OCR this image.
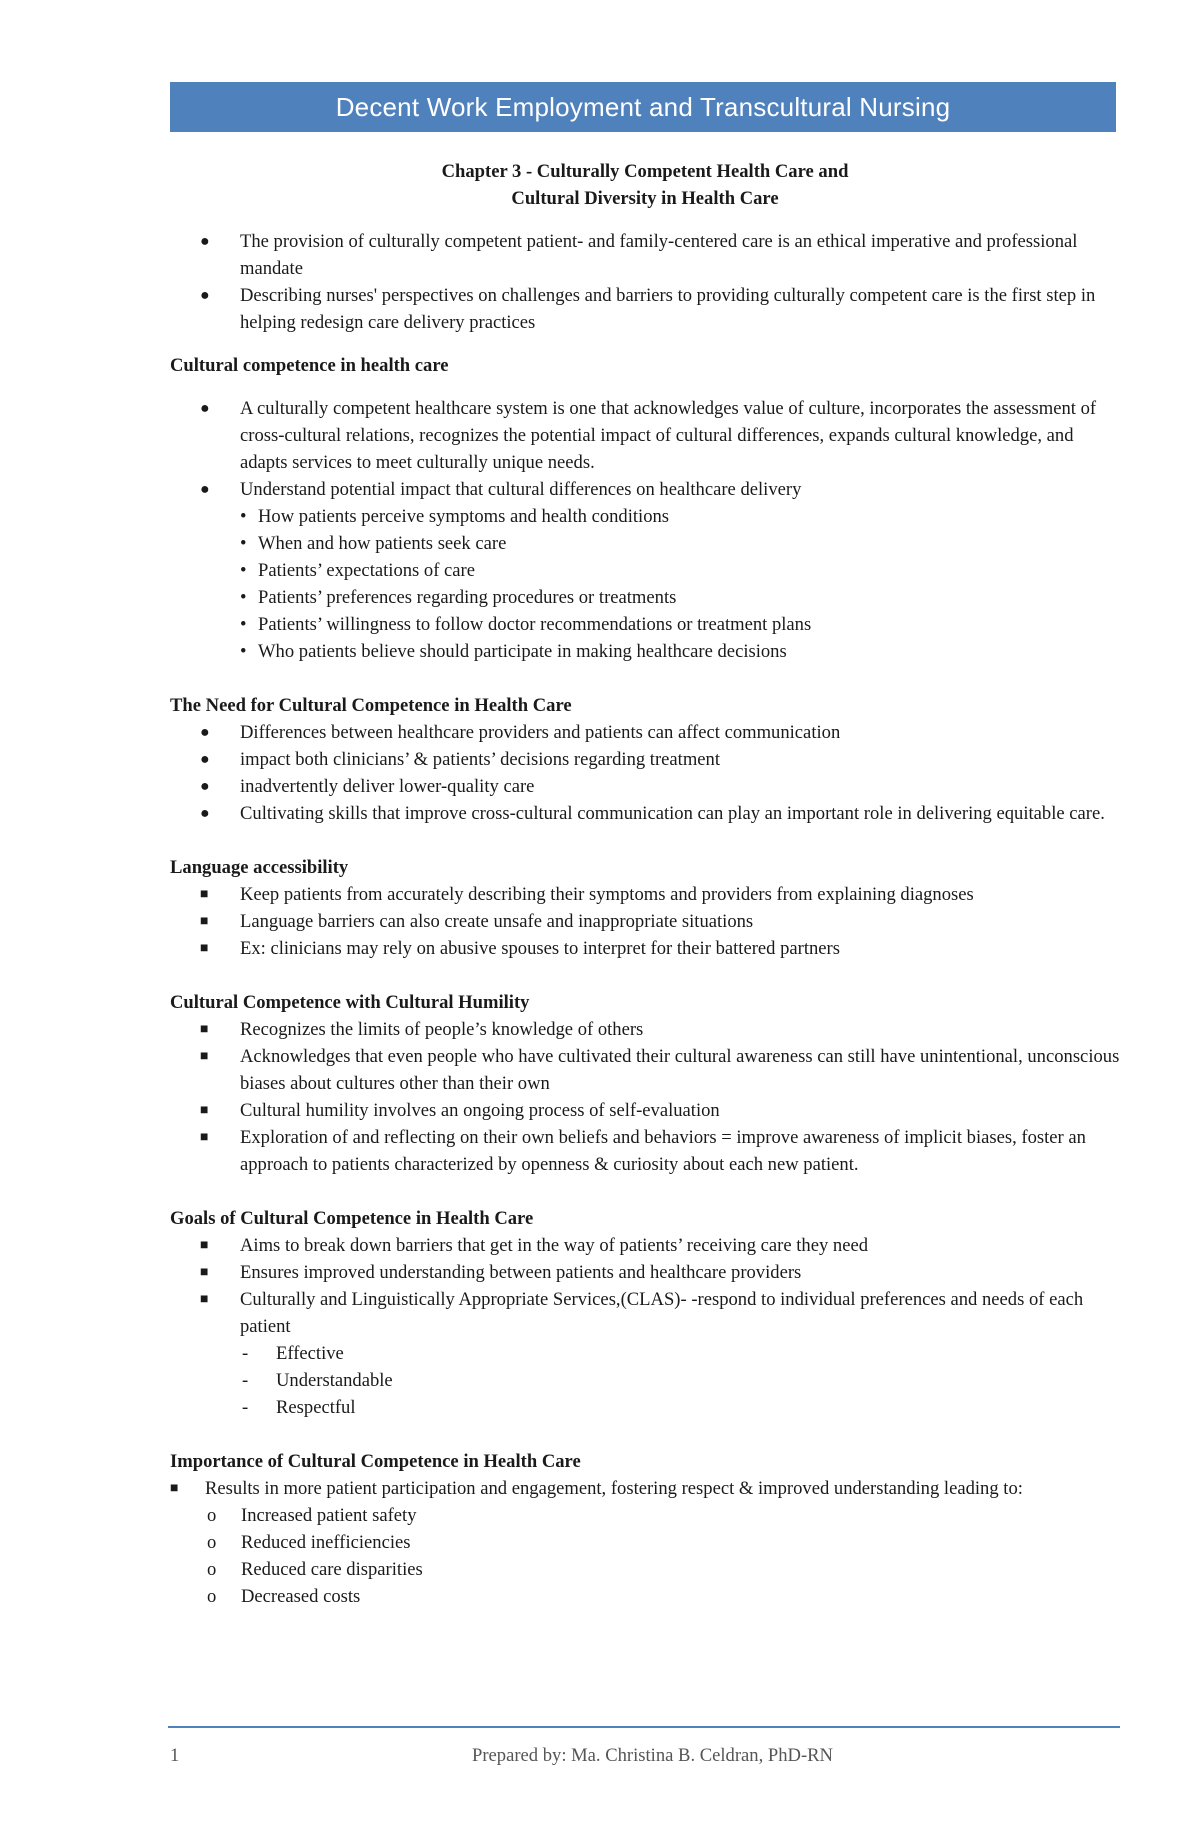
Decent Work Employment and Transcultural Nursing
Chapter 3 - Culturally Competent Health Care and
Cultural Diversity in Health Care
●	The provision of culturally competent patient- and family-centered care is an ethical imperative and professional mandate
●	Describing nurses' perspectives on challenges and barriers to providing culturally competent care is the first step in helping redesign care delivery practices
Cultural competence in health care
●	A culturally competent healthcare system is one that acknowledges value of culture, incorporates the assessment of cross-cultural relations, recognizes the potential impact of cultural differences, expands cultural knowledge, and adapts services to meet culturally unique needs.
●	Understand potential impact that cultural differences on healthcare delivery
• How patients perceive symptoms and health conditions
• When and how patients seek care
• Patients’ expectations of care
• Patients’ preferences regarding procedures or treatments
• Patients’ willingness to follow doctor recommendations or treatment plans
• Who patients believe should participate in making healthcare decisions
The Need for Cultural Competence in Health Care
●	Differences between healthcare providers and patients can affect communication
●	impact both clinicians’ & patients’ decisions regarding treatment
●	inadvertently deliver lower-quality care
●	Cultivating skills that improve cross-cultural communication can play an important role in delivering equitable care.
Language accessibility
■	Keep patients from accurately describing their symptoms and providers from explaining diagnoses
■	Language barriers can also create unsafe and inappropriate situations
■	Ex: clinicians may rely on abusive spouses to interpret for their battered partners
Cultural Competence with Cultural Humility
■	Recognizes the limits of people’s knowledge of others
■	Acknowledges that even people who have cultivated their cultural awareness can still have unintentional, unconscious biases about cultures other than their own
■	Cultural humility involves an ongoing process of self-evaluation
■	Exploration of and reflecting on their own beliefs and behaviors = improve awareness of implicit biases, foster an approach to patients characterized by openness & curiosity about each new patient.
Goals of Cultural Competence in Health Care
■	Aims to break down barriers that get in the way of patients’ receiving care they need
■	Ensures improved understanding between patients and healthcare providers
■	Culturally and Linguistically Appropriate Services,(CLAS)- -respond to individual preferences and needs of each patient
- Effective
- Understandable
- Respectful
Importance of Cultural Competence in Health Care
■	Results in more patient participation and engagement, fostering respect & improved understanding leading to:
o Increased patient safety
o Reduced inefficiencies
o Reduced care disparities
o Decreased costs
1	Prepared by: Ma. Christina B. Celdran, PhD-RN
